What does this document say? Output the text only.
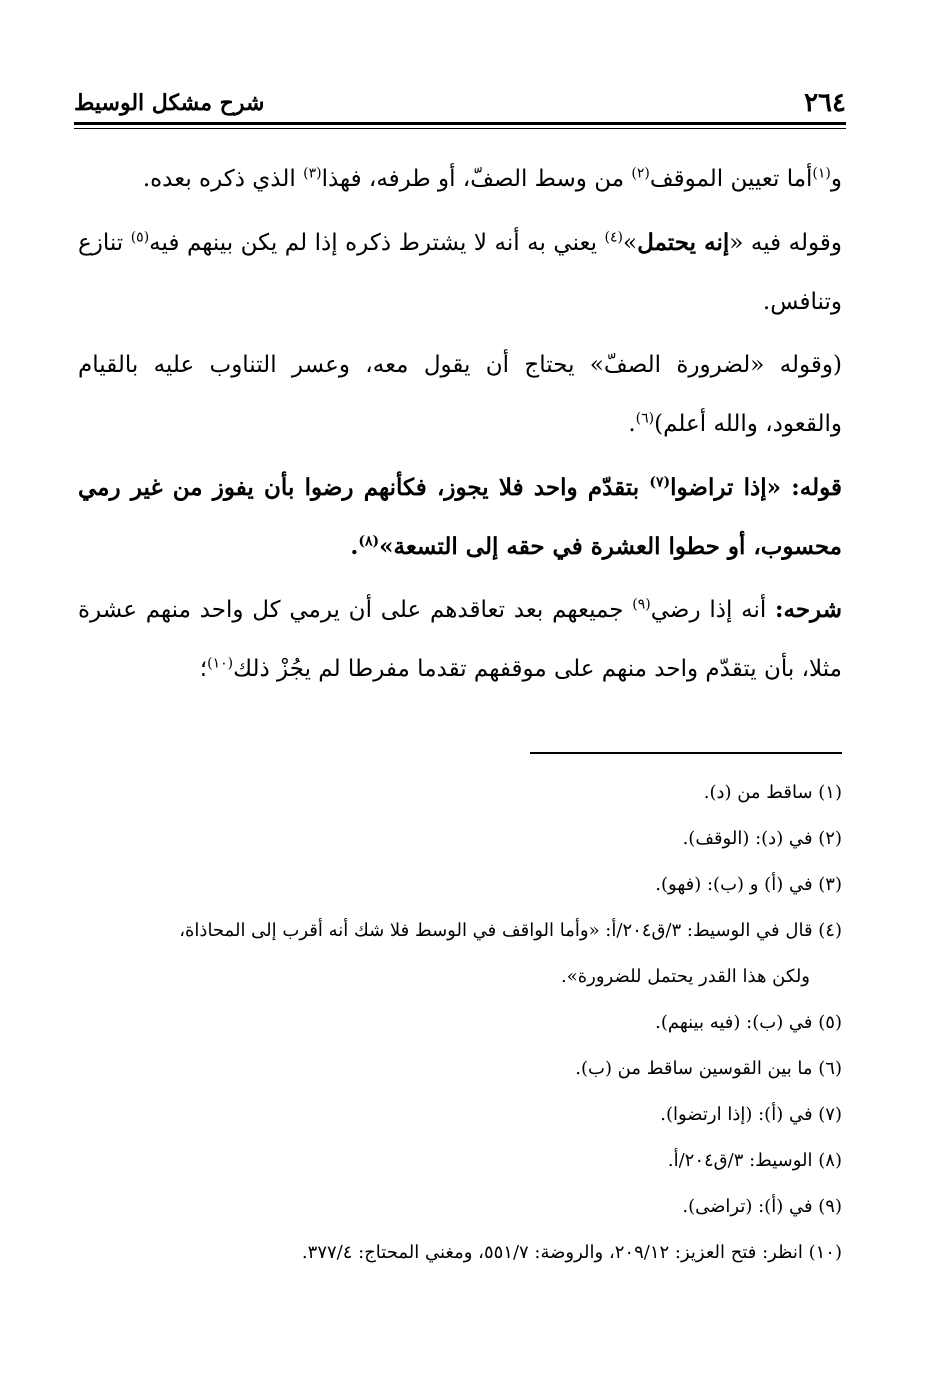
٢٦٤
شرح مشكل الوسيط

و$^{(١)}$أما تعيين الموقف$^{(٢)}$ من وسط الصفّ، أو طرفه، فهذا$^{(٣)}$ الذي ذكره بعده.

وقوله فيه «إنه يحتمل»$^{(٤)}$ يعني به أنه لا يشترط ذكره إذا لم يكن بينهم فيه$^{(٥)}$ تنازع وتنافس.

(وقوله «لضرورة الصفّ» يحتاج أن يقول معه، وعسر التناوب عليه بالقيام والقعود، والله أعلم)$^{(٦)}$.

قوله: «إذا تراضوا$^{(٧)}$ بتقدّم واحد فلا يجوز، فكأنهم رضوا بأن يفوز من غير رمي محسوب، أو حطوا العشرة في حقه إلى التسعة»$^{(٨)}$.

شرحه: أنه إذا رضي$^{(٩)}$ جميعهم بعد تعاقدهم على أن يرمي كل واحد منهم عشرة مثلا، بأن يتقدّم واحد منهم على موقفهم تقدما مفرطا لم يجُزْ ذلك$^{(١٠)}$؛

(١) ساقط من (د).

(٢) في (د): (الوقف).

(٣) في (أ) و (ب): (فهو).

(٤) قال في الوسيط: ٣/ق٢٠٤/أ: «وأما الواقف في الوسط فلا شك أنه أقرب إلى المحاذاة،

ولكن هذا القدر يحتمل للضرورة».

(٥) في (ب): (فيه بينهم).

(٦) ما بين القوسين ساقط من (ب).

(٧) في (أ): (إذا ارتضوا).

(٨) الوسيط: ٣/ق٢٠٤/أ.

(٩) في (أ): (تراضى).

(١٠) انظر: فتح العزيز: ٢٠٩/١٢، والروضة: ٥٥١/٧، ومغني المحتاج: ٣٧٧/٤.
